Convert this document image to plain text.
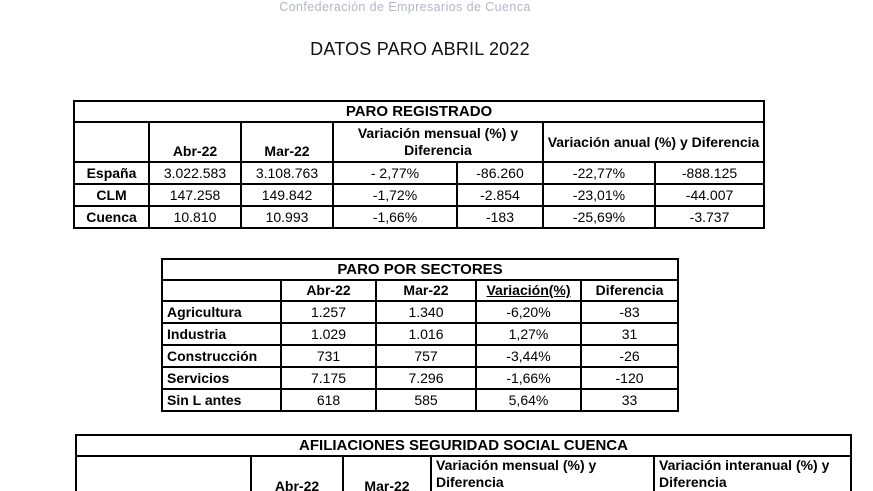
Confederación de Empresarios de Cuenca
DATOS PARO ABRIL 2022
PARO REGISTRADO						
	Abr-22	Mar-22	Variación mensual (%) y Diferencia		Variación anual (%) y Diferencia	
España	3.022.583	3.108.763	- 2,77%	-86.260	-22,77%	-888.125
CLM	147.258	149.842	-1,72%	-2.854	-23,01%	-44.007
Cuenca	10.810	10.993	-1,66%	-183	-25,69%	-3.737
PARO POR SECTORES				
	Abr-22	Mar-22	Variación(%)	Diferencia
Agricultura	1.257	1.340	-6,20%	-83
Industria	1.029	1.016	1,27%	31
Construcción	731	757	-3,44%	-26
Servicios	7.175	7.296	-1,66%	-120
Sin L antes	618	585	5,64%	33
AFILIACIONES SEGURIDAD SOCIAL CUENCA
	Abr-22	Mar-22	Variación mensual (%) y Diferencia	Variación interanual (%) y Diferencia
